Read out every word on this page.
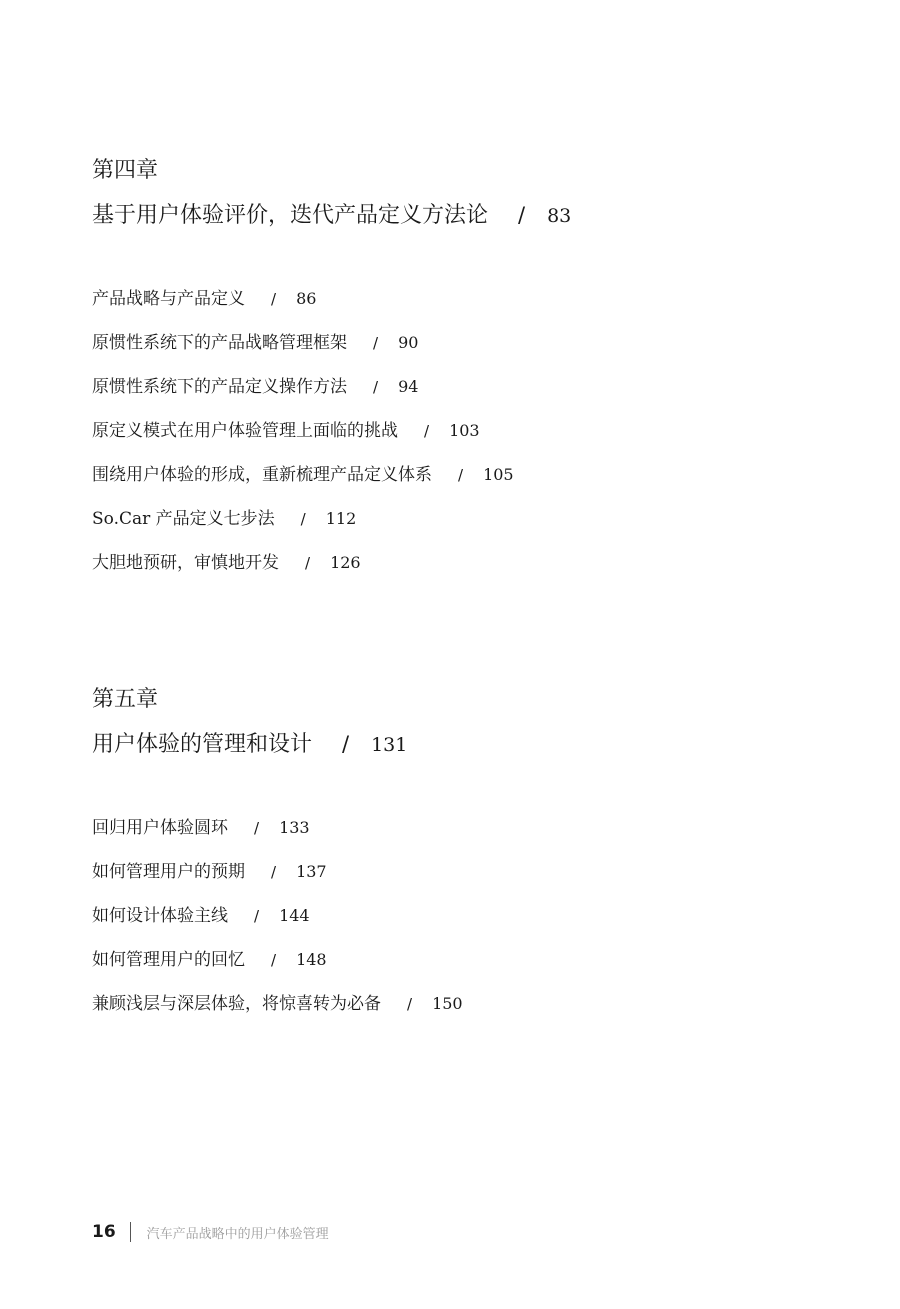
第四章
基于用户体验评价，迭代产品定义方法论 / 83
产品战略与产品定义 / 86
原惯性系统下的产品战略管理框架 / 90
原惯性系统下的产品定义操作方法 / 94
原定义模式在用户体验管理上面临的挑战 / 103
围绕用户体验的形成，重新梳理产品定义体系 / 105
So.Car 产品定义七步法 / 112
大胆地预研，审慎地开发 / 126
第五章
用户体验的管理和设计 / 131
回归用户体验圆环 / 133
如何管理用户的预期 / 137
如何设计体验主线 / 144
如何管理用户的回忆 / 148
兼顾浅层与深层体验，将惊喜转为必备 / 150
16 汽车产品战略中的用户体验管理
